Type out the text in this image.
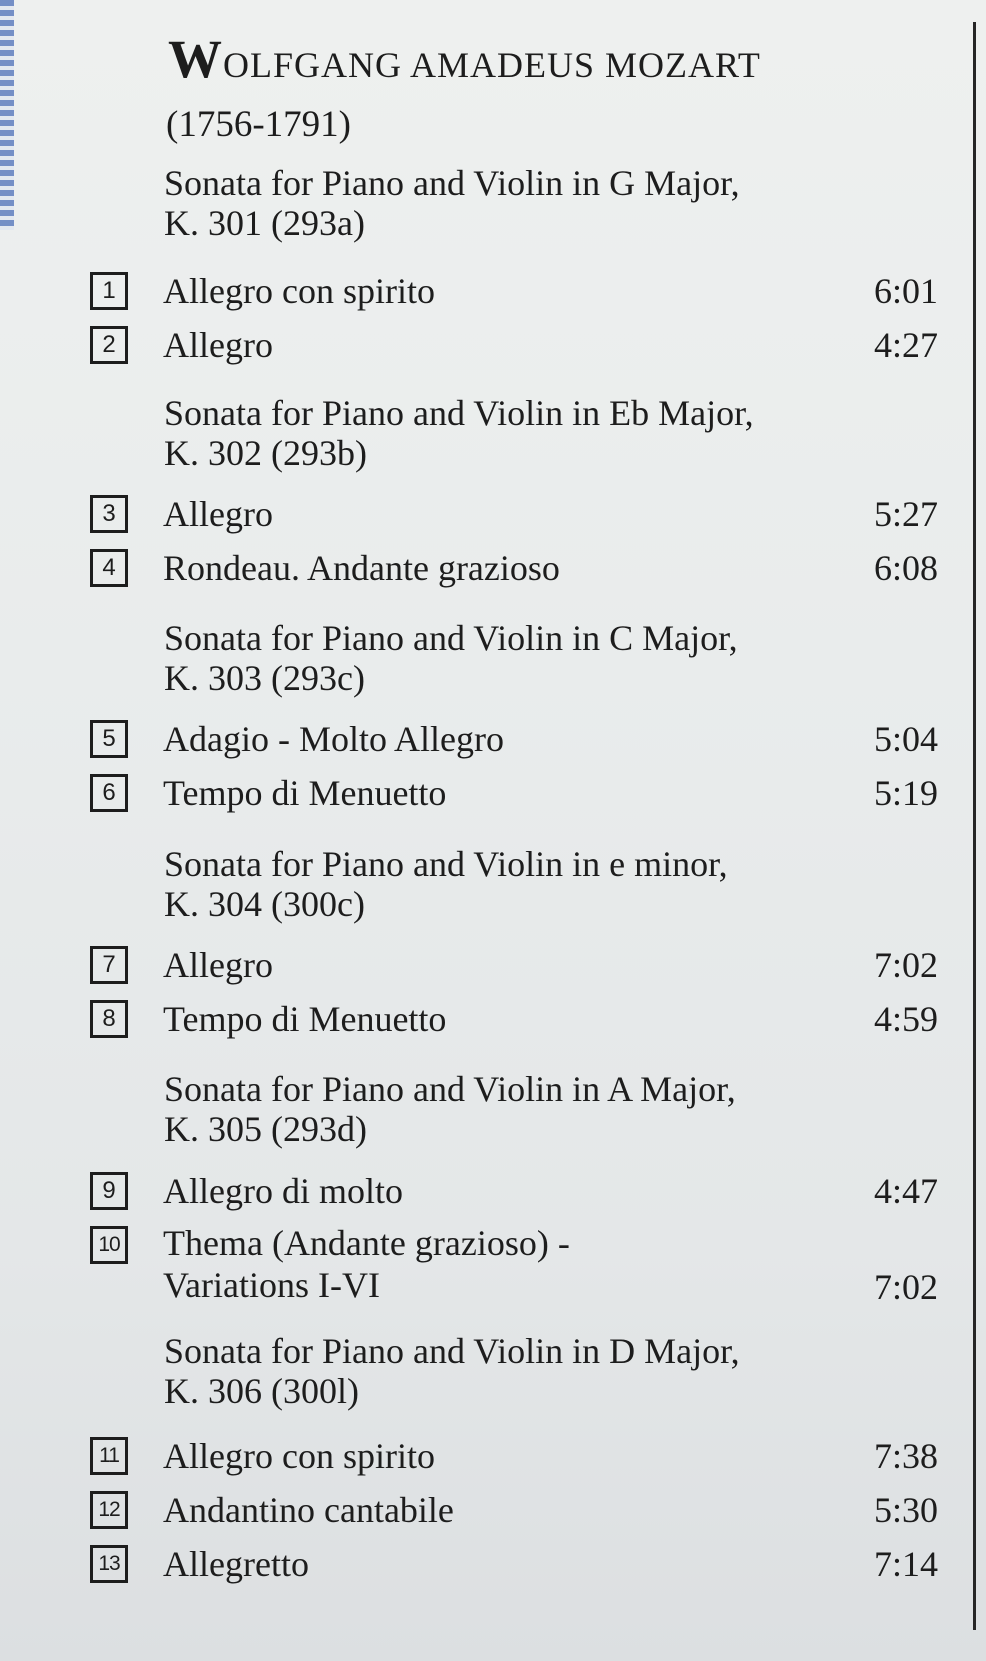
WOLFGANG AMADEUS MOZART
(1756-1791)
Sonata for Piano and Violin in G Major,
K. 301 (293a)
1	Allegro con spirito	6:01
2	Allegro	4:27
Sonata for Piano and Violin in Eb Major,
K. 302 (293b)
3	Allegro	5:27
4	Rondeau. Andante grazioso	6:08
Sonata for Piano and Violin in C Major,
K. 303 (293c)
5	Adagio - Molto Allegro	5:04
6	Tempo di Menuetto	5:19
Sonata for Piano and Violin in e minor,
K. 304 (300c)
7	Allegro	7:02
8	Tempo di Menuetto	4:59
Sonata for Piano and Violin in A Major,
K. 305 (293d)
9	Allegro di molto	4:47
10 Thema (Andante grazioso) -
Variations I-VI	7:02
Sonata for Piano and Violin in D Major,
K. 306 (300l)
11 Allegro con spirito	7:38
12 Andantino cantabile	5:30
13 Allegretto	7:14
